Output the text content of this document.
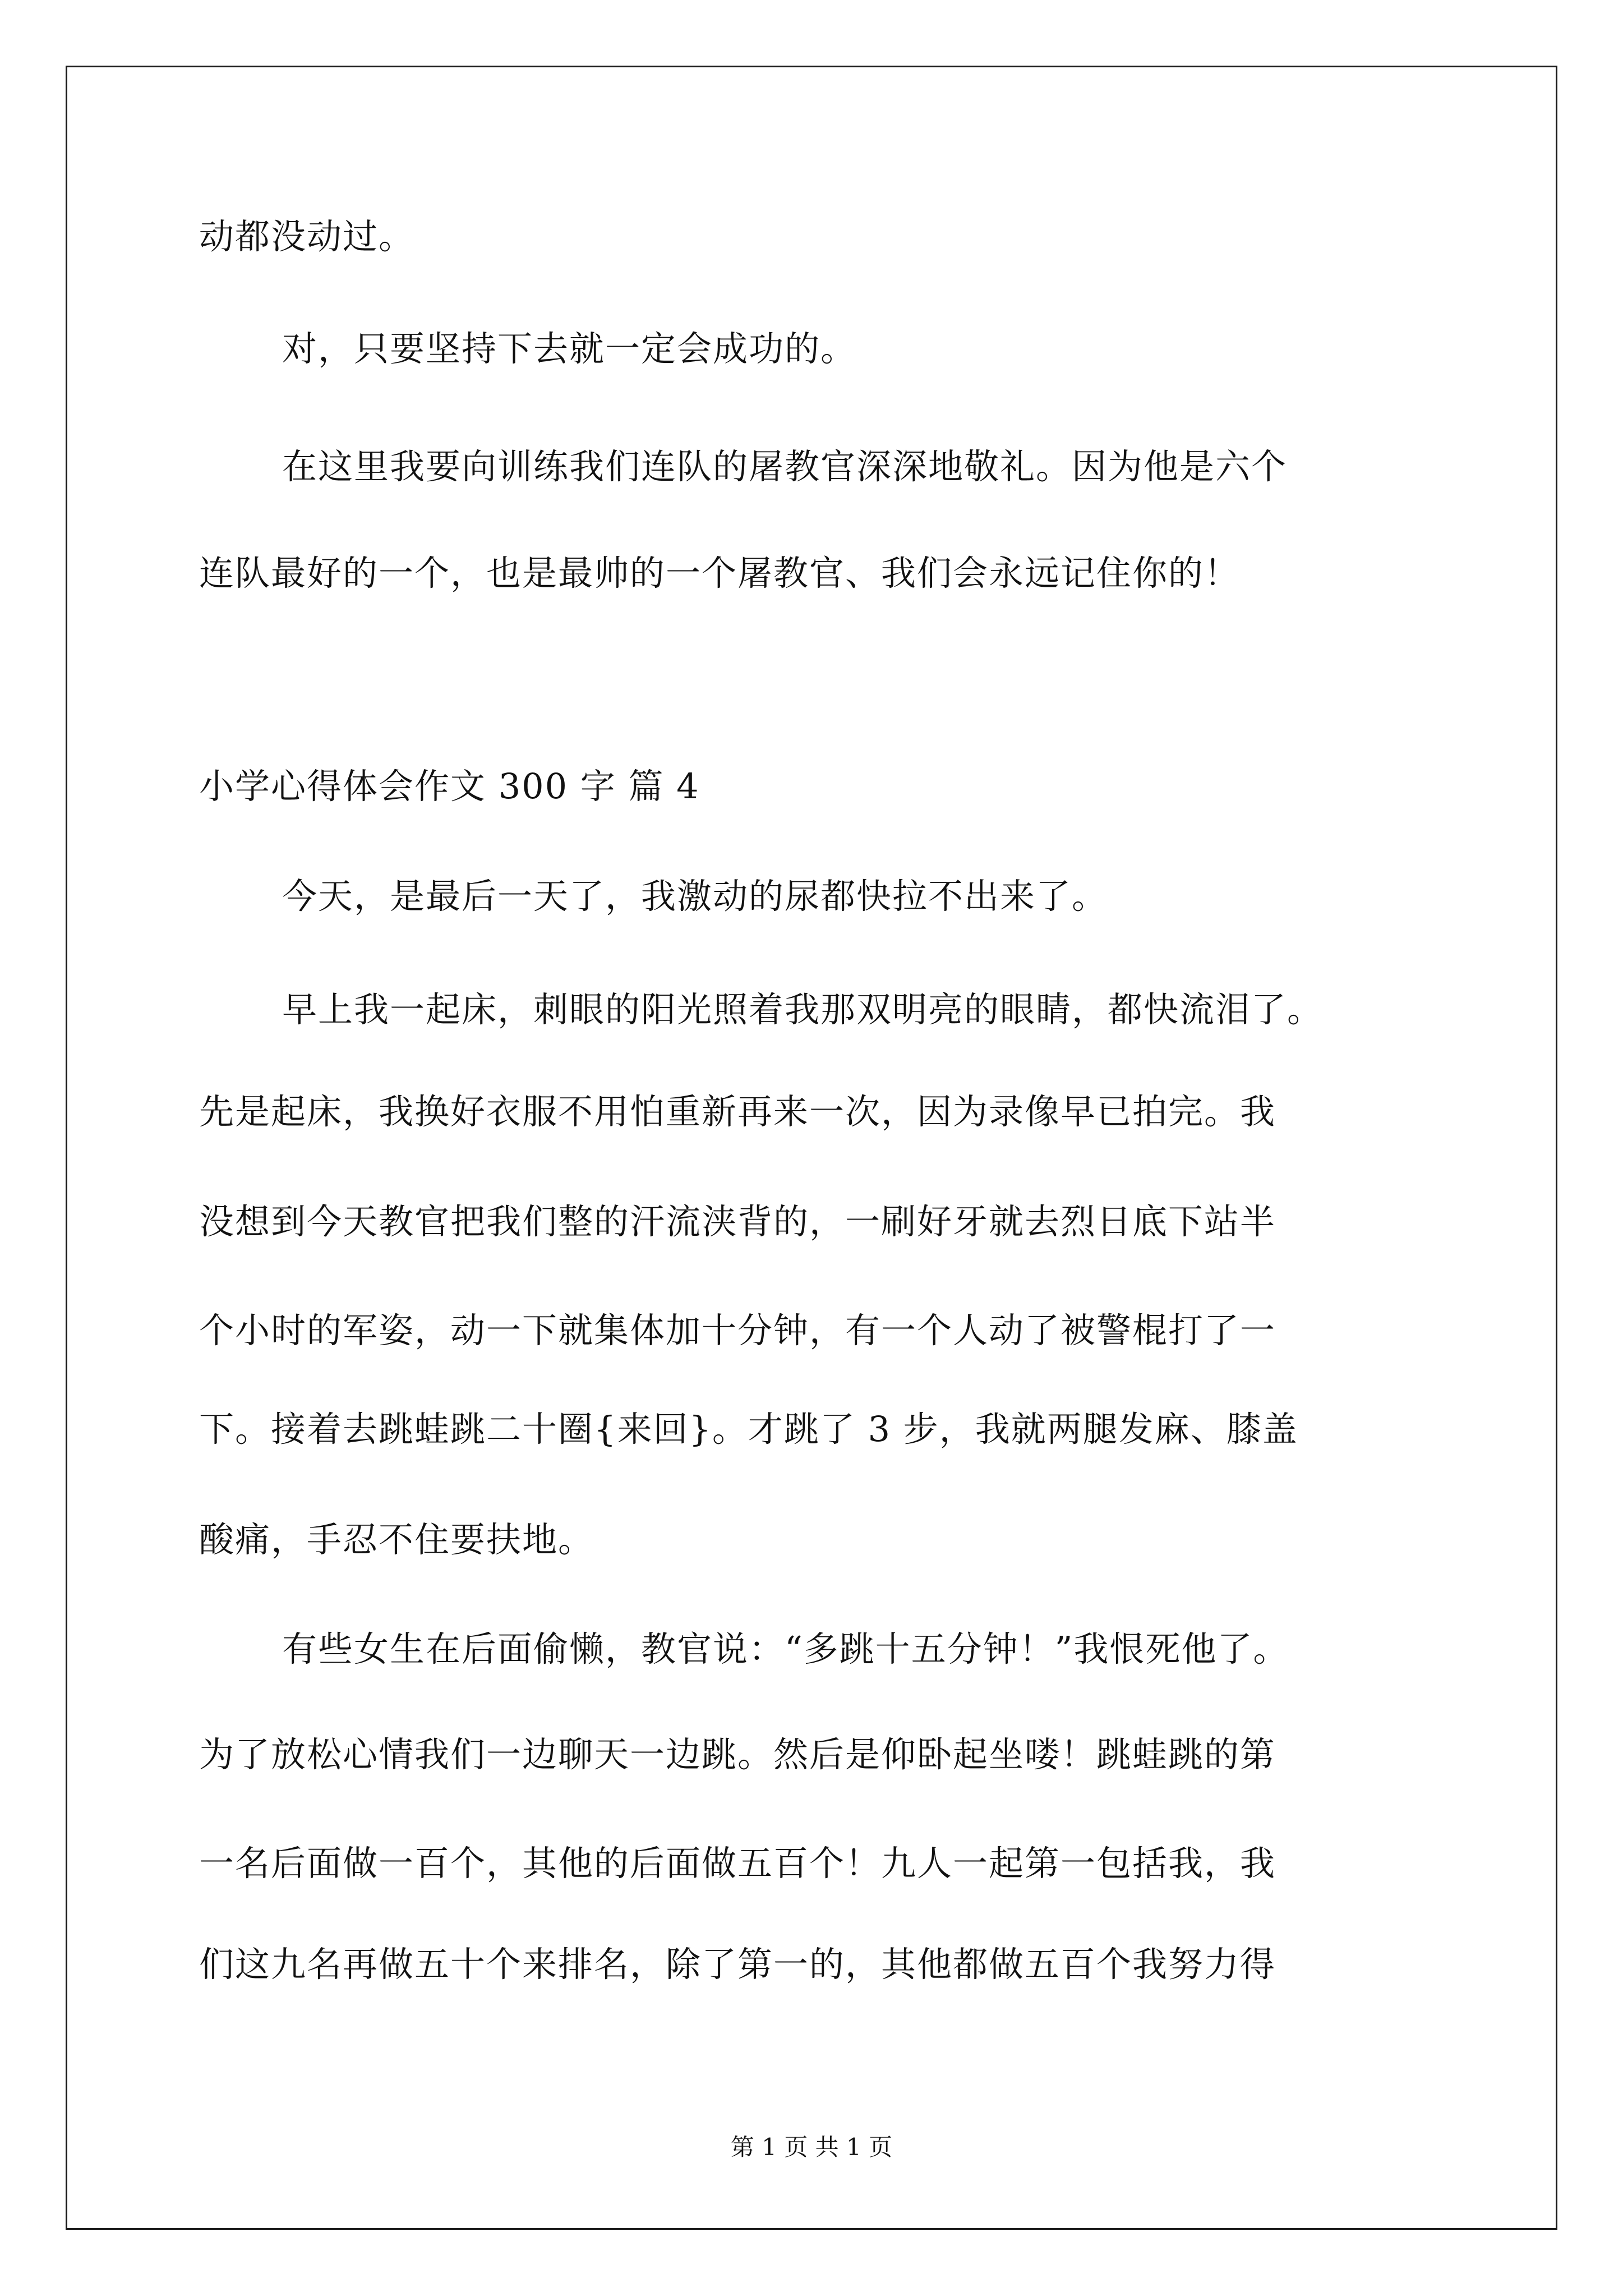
动都没动过。
对，只要坚持下去就一定会成功的。
在这里我要向训练我们连队的屠教官深深地敬礼。因为他是六个
连队最好的一个，也是最帅的一个屠教官、我们会永远记住你的！
小学心得体会作文 300 字 篇 4
今天，是最后一天了，我激动的尿都快拉不出来了。
早上我一起床，刺眼的阳光照着我那双明亮的眼睛，都快流泪了。
先是起床，我换好衣服不用怕重新再来一次，因为录像早已拍完。我
没想到今天教官把我们整的汗流浃背的，一刷好牙就去烈日底下站半
个小时的军姿，动一下就集体加十分钟，有一个人动了被警棍打了一
下。接着去跳蛙跳二十圈{来回}。才跳了 3 步，我就两腿发麻、膝盖
酸痛，手忍不住要扶地。
有些女生在后面偷懒，教官说：“多跳十五分钟！”我恨死他了。
为了放松心情我们一边聊天一边跳。然后是仰卧起坐喽！跳蛙跳的第
一名后面做一百个，其他的后面做五百个！九人一起第一包括我，我
们这九名再做五十个来排名，除了第一的，其他都做五百个我努力得
第 1 页 共 1 页
